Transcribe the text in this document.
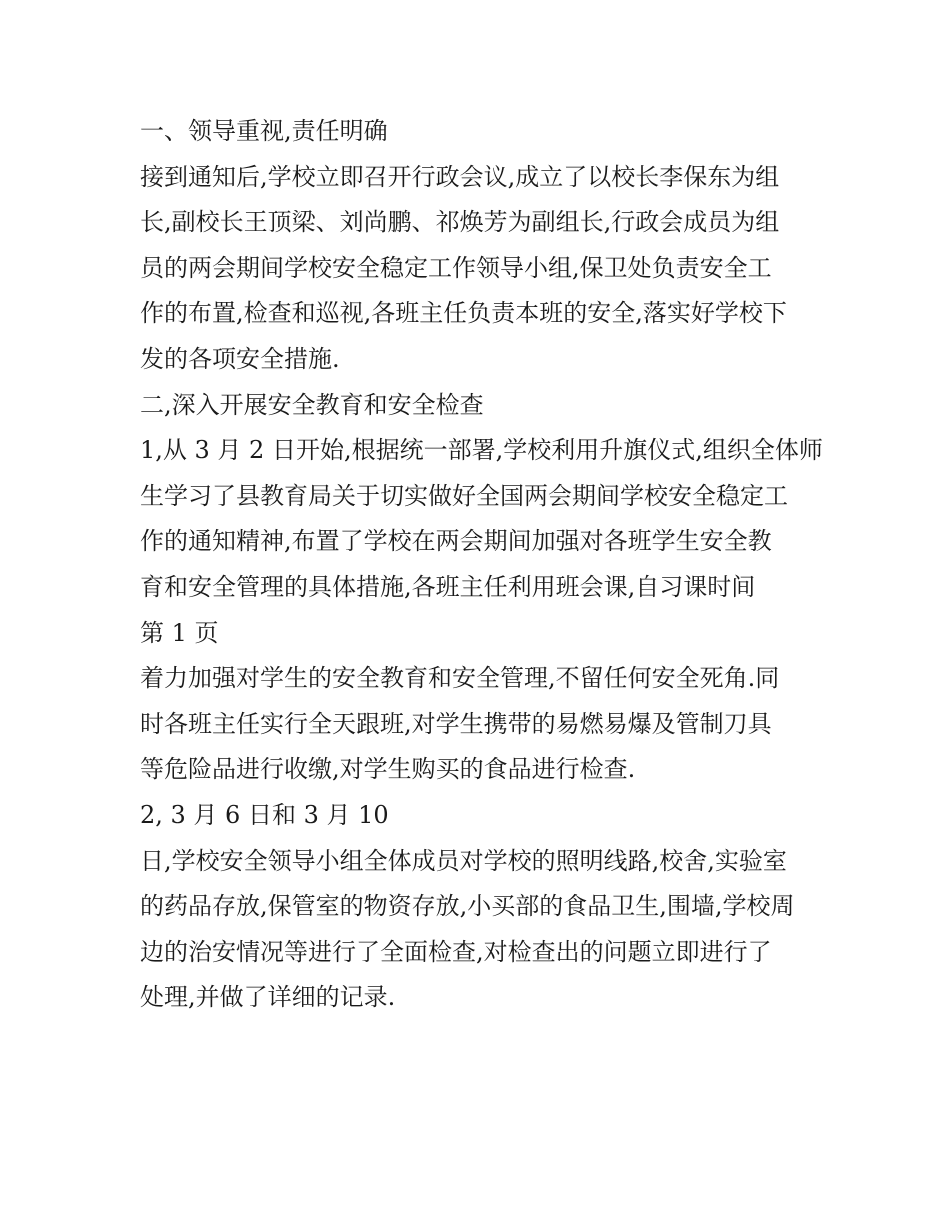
一、领导重视,责任明确
接到通知后,学校立即召开行政会议,成立了以校长李保东为组
长,副校长王顶梁、刘尚鹏、祁焕芳为副组长,行政会成员为组
员的两会期间学校安全稳定工作领导小组,保卫处负责安全工
作的布置,检查和巡视,各班主任负责本班的安全,落实好学校下
发的各项安全措施.
二,深入开展安全教育和安全检查
1,从 3 月 2 日开始,根据统一部署,学校利用升旗仪式,组织全体师
生学习了县教育局关于切实做好全国两会期间学校安全稳定工
作的通知精神,布置了学校在两会期间加强对各班学生安全教
育和安全管理的具体措施,各班主任利用班会课,自习课时间
第 1 页
着力加强对学生的安全教育和安全管理,不留任何安全死角.同
时各班主任实行全天跟班,对学生携带的易燃易爆及管制刀具
等危险品进行收缴,对学生购买的食品进行检查.
2, 3 月 6 日和 3 月 10
日,学校安全领导小组全体成员对学校的照明线路,校舍,实验室
的药品存放,保管室的物资存放,小买部的食品卫生,围墙,学校周
边的治安情况等进行了全面检查,对检查出的问题立即进行了
处理,并做了详细的记录.
